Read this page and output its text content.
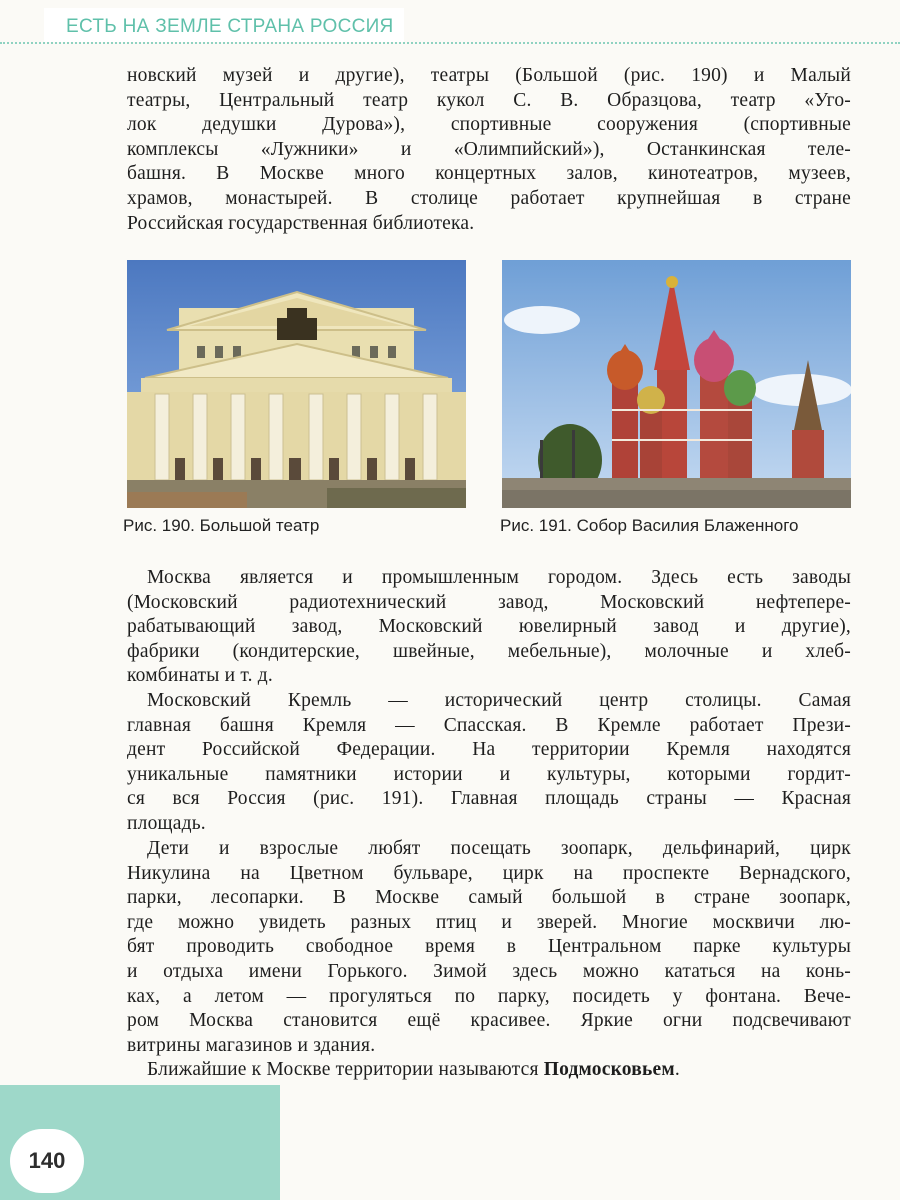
ЕСТЬ НА ЗЕМЛЕ СТРАНА РОССИЯ
новский музей и другие), театры (Большой (рис. 190) и Малый
театры, Центральный театр кукол С. В. Образцова, театр «Уго-
лок дедушки Дурова»), спортивные сооружения (спортивные
комплексы «Лужники» и «Олимпийский»), Останкинская теле-
башня. В Москве много концертных залов, кинотеатров, музеев,
храмов, монастырей. В столице работает крупнейшая в стране
Российская государственная библиотека.
Рис. 190. Большой театр	Рис. 191. Собор Василия Блаженного
Москва является и промышленным городом. Здесь есть заводы
(Московский радиотехнический завод, Московский нефтепере-
рабатывающий завод, Московский ювелирный завод и другие),
фабрики (кондитерские, швейные, мебельные), молочные и хлеб-
комбинаты и т. д.
Московский Кремль — исторический центр столицы. Самая
главная башня Кремля — Спасская. В Кремле работает Прези-
дент Российской Федерации. На территории Кремля находятся
уникальные памятники истории и культуры, которыми гордит-
ся вся Россия (рис. 191). Главная площадь страны — Красная
площадь.
Дети и взрослые любят посещать зоопарк, дельфинарий, цирк
Никулина на Цветном бульваре, цирк на проспекте Вернадского,
парки, лесопарки. В Москве самый большой в стране зоопарк,
где можно увидеть разных птиц и зверей. Многие москвичи лю-
бят проводить свободное время в Центральном парке культуры
и отдыха имени Горького. Зимой здесь можно кататься на конь-
ках, а летом — прогуляться по парку, посидеть у фонтана. Вече-
ром Москва становится ещё красивее. Яркие огни подсвечивают
витрины магазинов и здания.
Ближайшие к Москве территории называются Подмосковьем.
140
